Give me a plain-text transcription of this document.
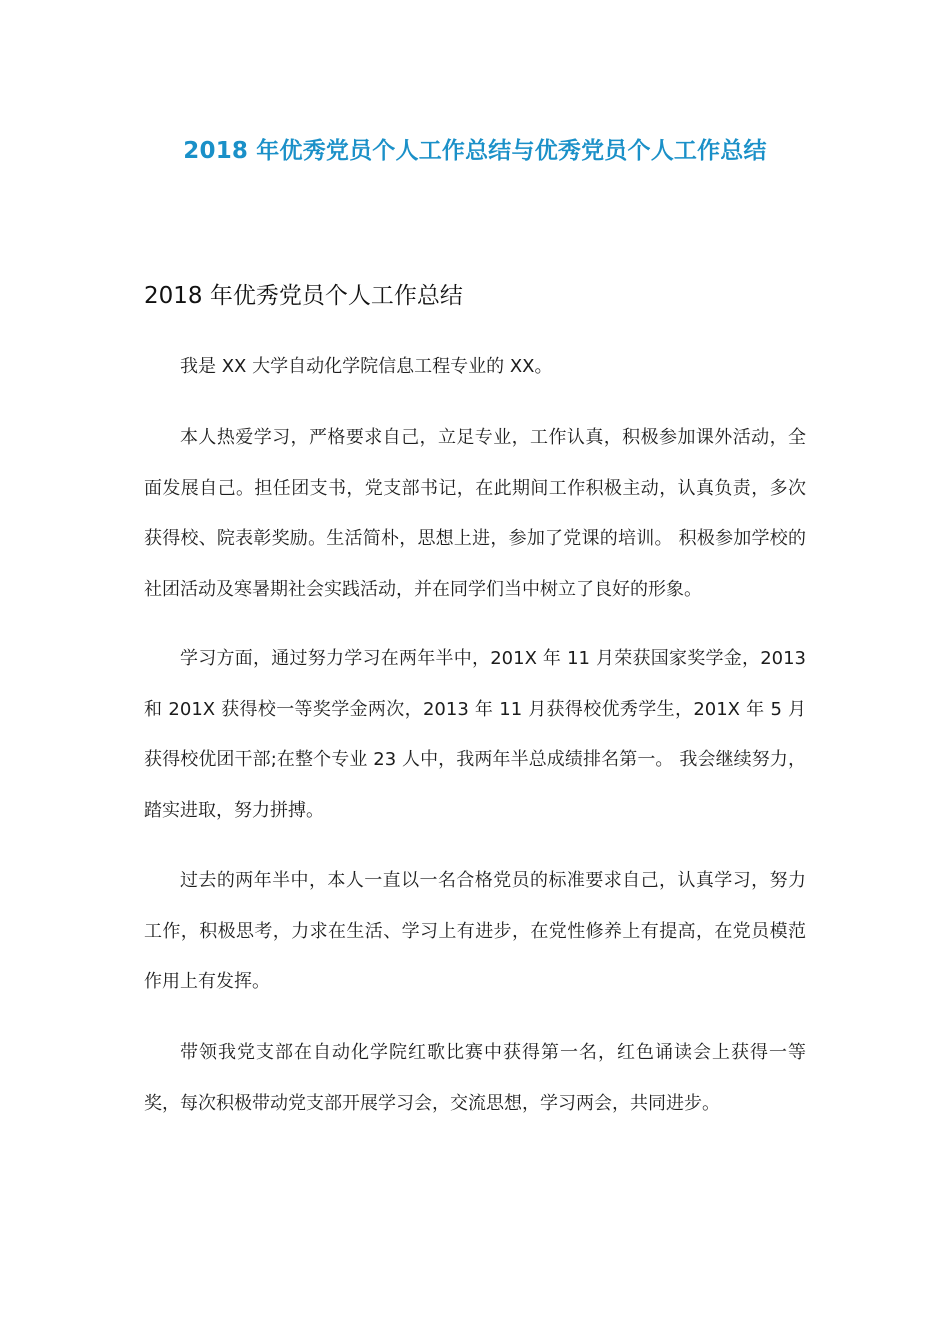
2018 年优秀党员个人工作总结与优秀党员个人工作总结
2018 年优秀党员个人工作总结

我是 XX 大学自动化学院信息工程专业的 XX。

本人热爱学习，严格要求自己，立足专业，工作认真，积极参加课外活动，全面发展自己。担任团支书，党支部书记，在此期间工作积极主动，认真负责，多次获得校、院表彰奖励。生活简朴，思想上进，参加了党课的培训。 积极参加学校的社团活动及寒暑期社会实践活动，并在同学们当中树立了良好的形象。

学习方面，通过努力学习在两年半中，201X 年 11 月荣获国家奖学金，2013 和 201X 获得校一等奖学金两次，2013 年 11 月获得校优秀学生，201X 年 5 月获得校优团干部;在整个专业 23 人中，我两年半总成绩排名第一。 我会继续努力，踏实进取，努力拼搏。

过去的两年半中，本人一直以一名合格党员的标准要求自己，认真学习，努力工作，积极思考，力求在生活、学习上有进步，在党性修养上有提高，在党员模范作用上有发挥。

带领我党支部在自动化学院红歌比赛中获得第一名，红色诵读会上获得一等奖，每次积极带动党支部开展学习会，交流思想，学习两会，共同进步。
